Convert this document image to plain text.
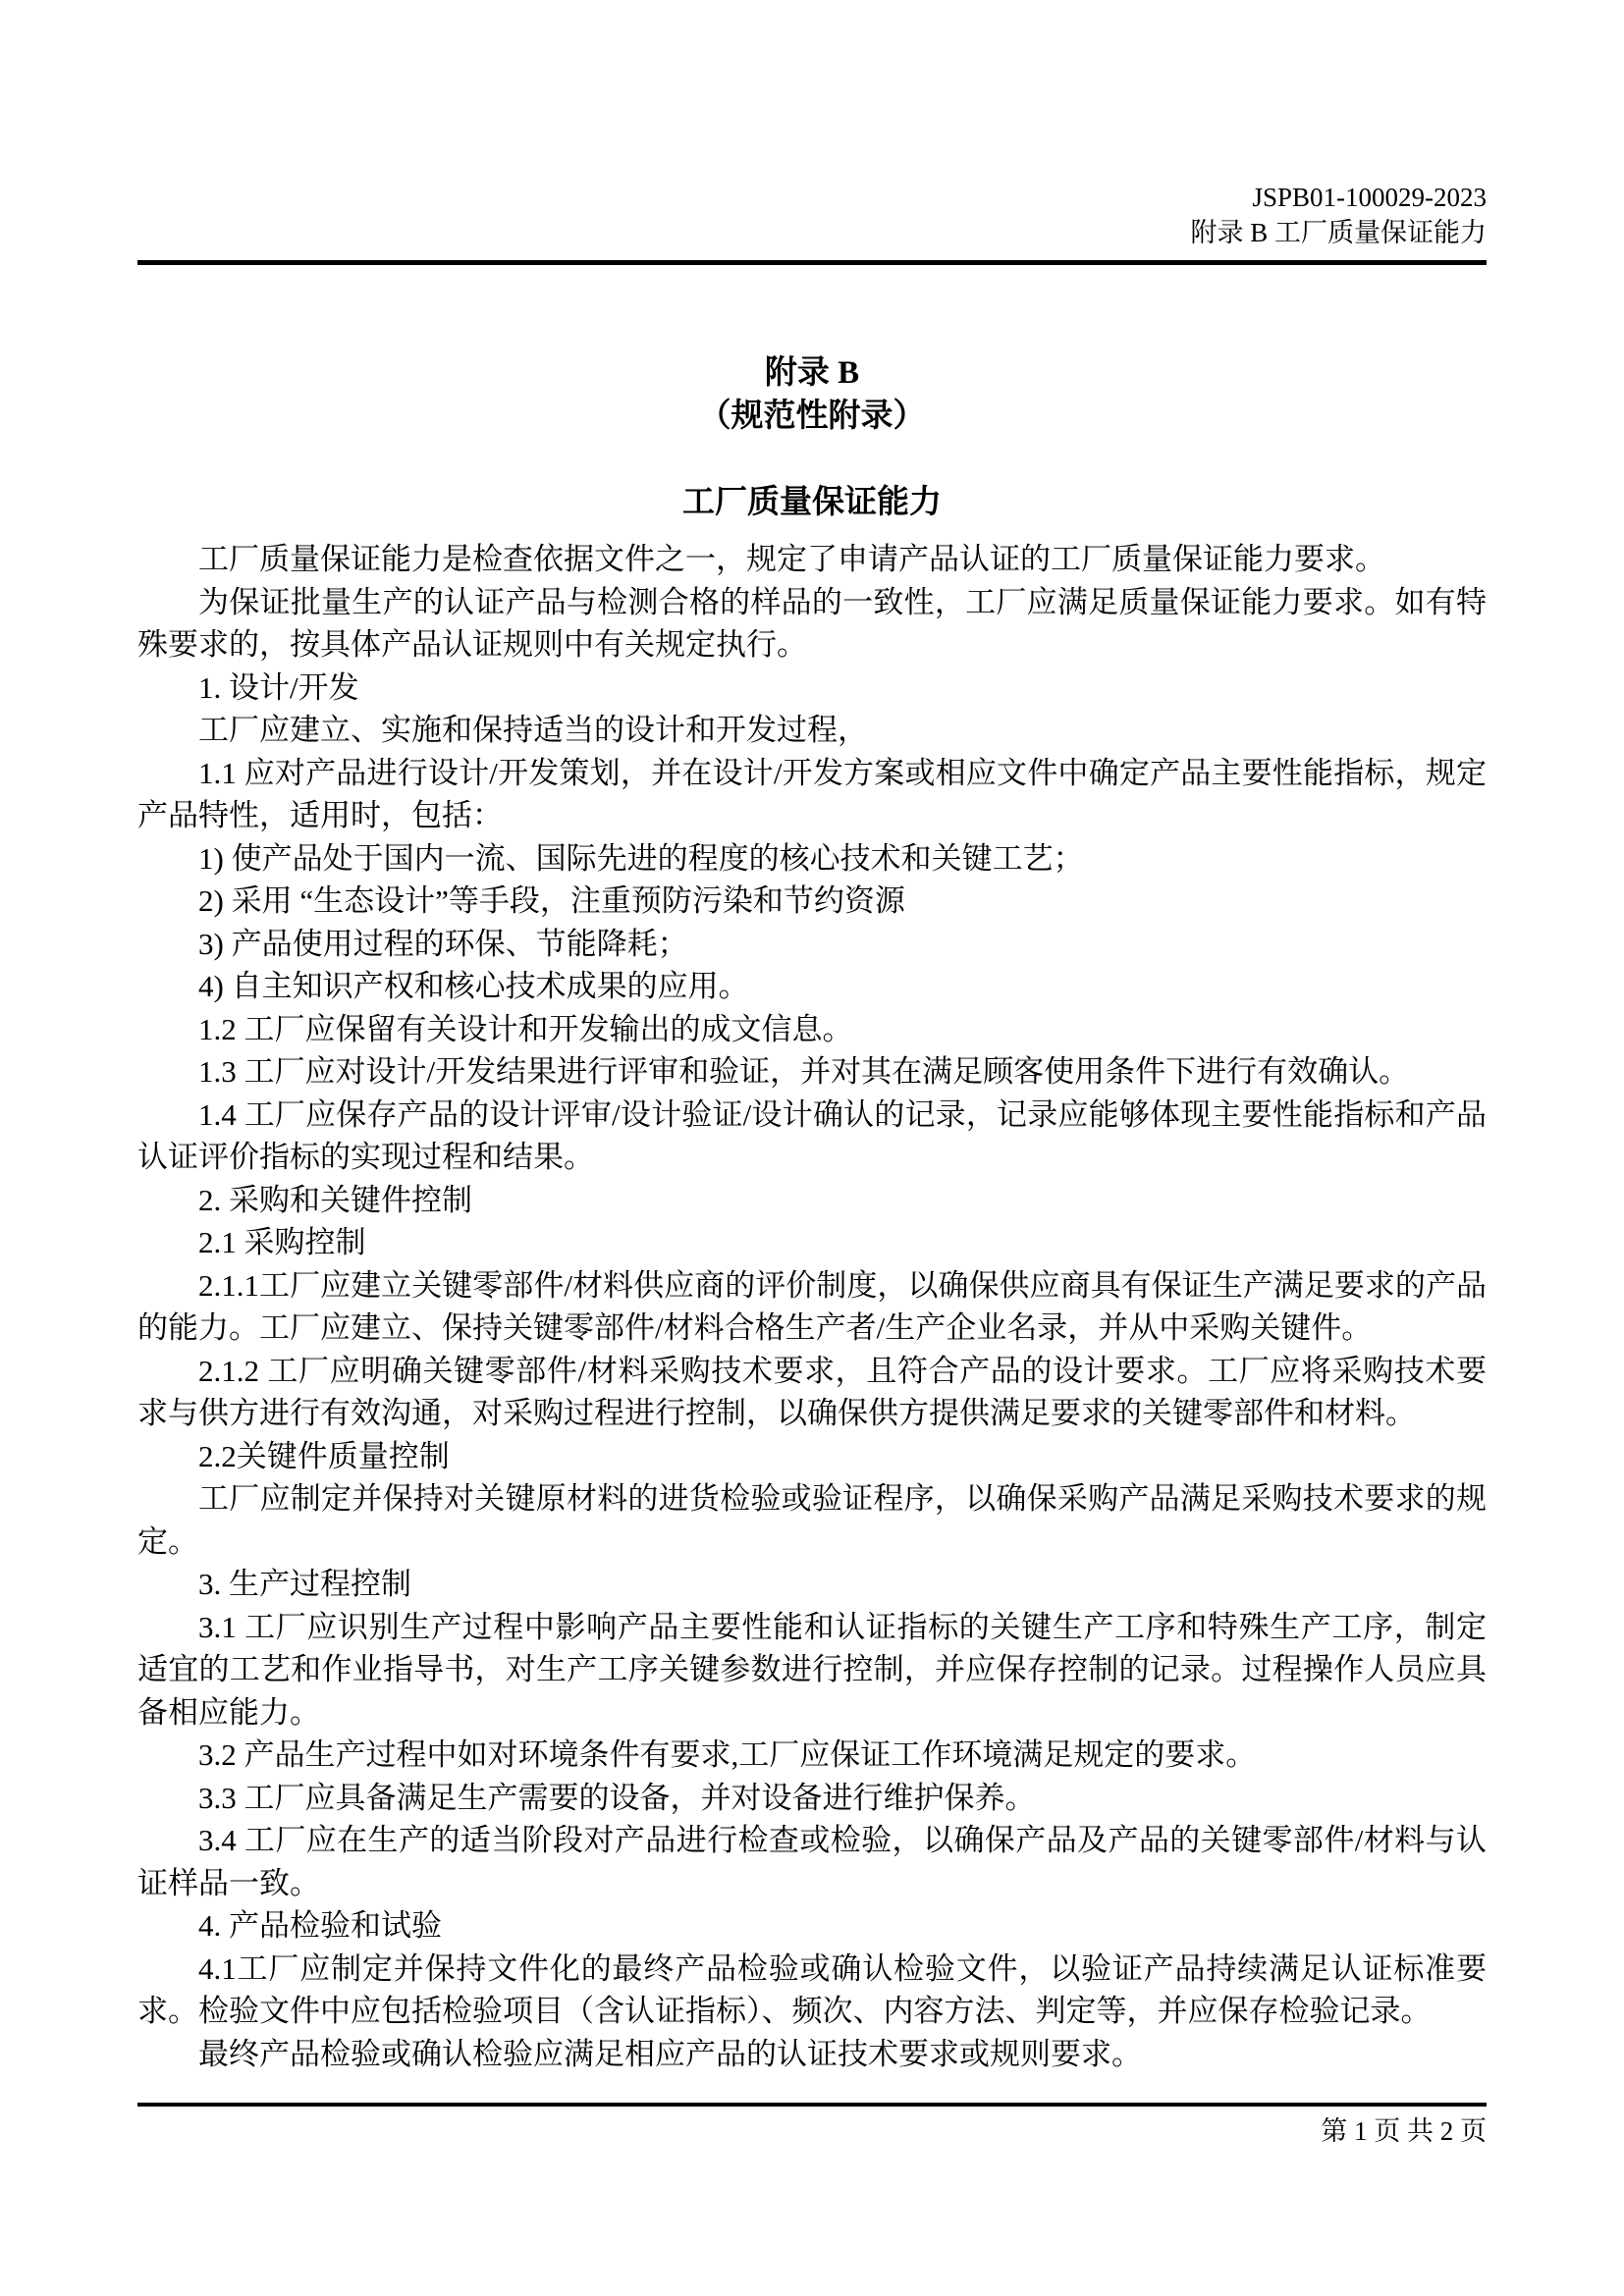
JSPB01-100029-2023
附录 B 工厂质量保证能力
附录 B
（规范性附录）
工厂质量保证能力

工厂质量保证能力是检查依据文件之一，规定了申请产品认证的工厂质量保证能力要求。

为保证批量生产的认证产品与检测合格的样品的一致性，工厂应满足质量保证能力要求。如有特殊要求的，按具体产品认证规则中有关规定执行。

1. 设计/开发

工厂应建立、实施和保持适当的设计和开发过程，

1.1 应对产品进行设计/开发策划，并在设计/开发方案或相应文件中确定产品主要性能指标，规定产品特性，适用时，包括：

1) 使产品处于国内一流、国际先进的程度的核心技术和关键工艺；

2) 采用 “生态设计”等手段，注重预防污染和节约资源

3) 产品使用过程的环保、节能降耗；

4) 自主知识产权和核心技术成果的应用。

1.2 工厂应保留有关设计和开发输出的成文信息。

1.3 工厂应对设计/开发结果进行评审和验证，并对其在满足顾客使用条件下进行有效确认。

1.4 工厂应保存产品的设计评审/设计验证/设计确认的记录，记录应能够体现主要性能指标和产品认证评价指标的实现过程和结果。

2. 采购和关键件控制

2.1 采购控制

2.1.1工厂应建立关键零部件/材料供应商的评价制度，以确保供应商具有保证生产满足要求的产品的能力。工厂应建立、保持关键零部件/材料合格生产者/生产企业名录，并从中采购关键件。

2.1.2 工厂应明确关键零部件/材料采购技术要求，且符合产品的设计要求。工厂应将采购技术要求与供方进行有效沟通，对采购过程进行控制，以确保供方提供满足要求的关键零部件和材料。

2.2关键件质量控制

工厂应制定并保持对关键原材料的进货检验或验证程序，以确保采购产品满足采购技术要求的规定。

3. 生产过程控制

3.1 工厂应识别生产过程中影响产品主要性能和认证指标的关键生产工序和特殊生产工序，制定适宜的工艺和作业指导书，对生产工序关键参数进行控制，并应保存控制的记录。过程操作人员应具备相应能力。

3.2 产品生产过程中如对环境条件有要求,工厂应保证工作环境满足规定的要求。

3.3 工厂应具备满足生产需要的设备，并对设备进行维护保养。

3.4 工厂应在生产的适当阶段对产品进行检查或检验，以确保产品及产品的关键零部件/材料与认证样品一致。

4. 产品检验和试验

4.1工厂应制定并保持文件化的最终产品检验或确认检验文件，以验证产品持续满足认证标准要求。检验文件中应包括检验项目（含认证指标）、频次、内容方法、判定等，并应保存检验记录。

最终产品检验或确认检验应满足相应产品的认证技术要求或规则要求。

第 1 页 共 2 页
